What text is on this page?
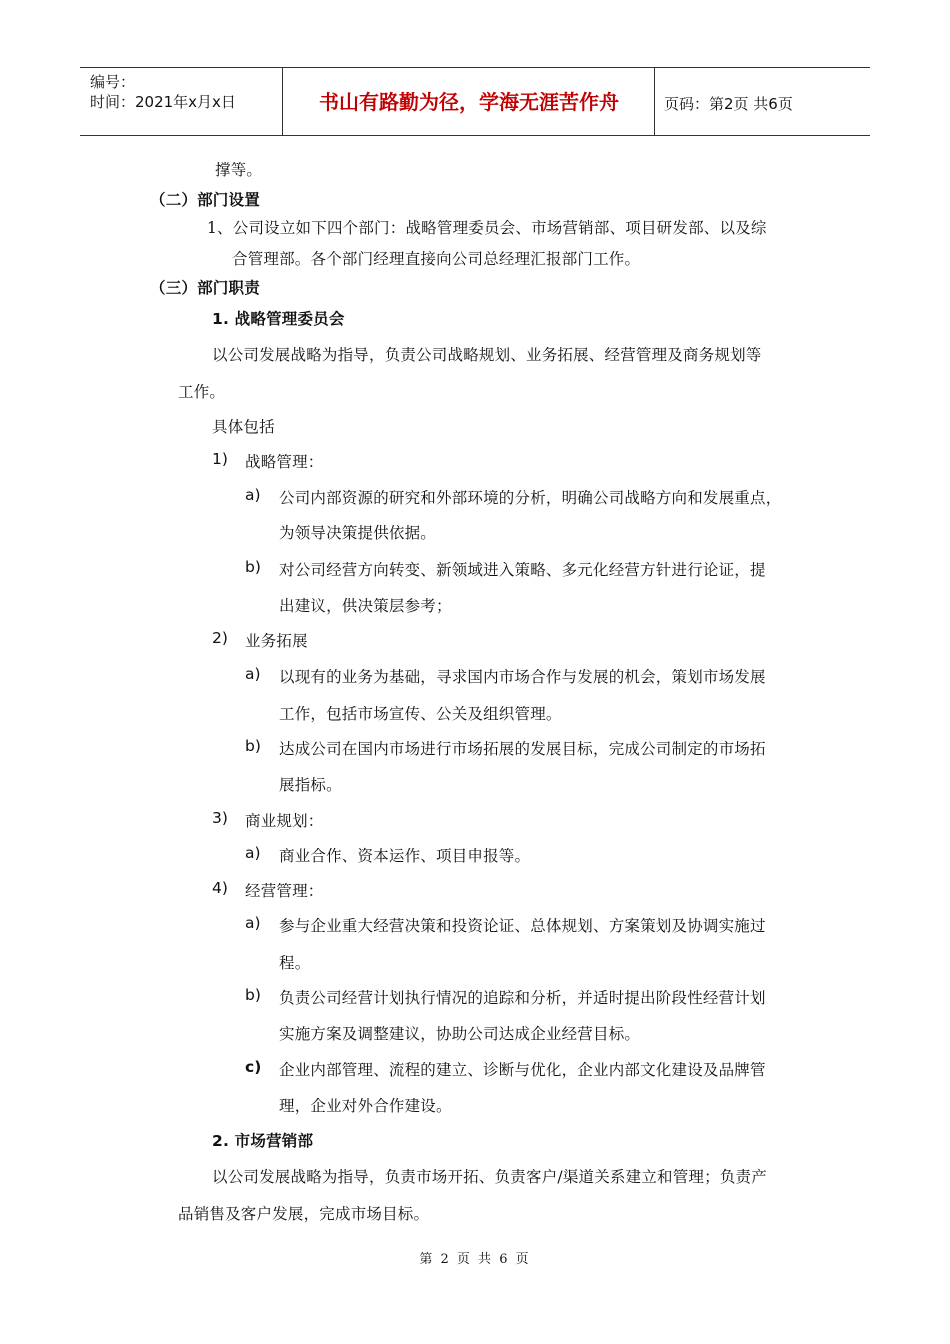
编号：
时间：2021年x月x日	书山有路勤为径，学海无涯苦作舟	页码：第2页 共6页
撑等。
（二）部门设置
1、公司设立如下四个部门：战略管理委员会、市场营销部、项目研发部、以及综
合管理部。各个部门经理直接向公司总经理汇报部门工作。
（三）部门职责
1. 战略管理委员会
以公司发展战略为指导，负责公司战略规划、业务拓展、经营管理及商务规划等
工作。
具体包括
1) 战略管理：
a) 公司内部资源的研究和外部环境的分析，明确公司战略方向和发展重点，
为领导决策提供依据。
b) 对公司经营方向转变、新领域进入策略、多元化经营方针进行论证，提
出建议，供决策层参考；
2) 业务拓展
a) 以现有的业务为基础，寻求国内市场合作与发展的机会，策划市场发展
工作，包括市场宣传、公关及组织管理。
b) 达成公司在国内市场进行市场拓展的发展目标，完成公司制定的市场拓
展指标。
3) 商业规划：
a) 商业合作、资本运作、项目申报等。
4) 经营管理：
a) 参与企业重大经营决策和投资论证、总体规划、方案策划及协调实施过
程。
b) 负责公司经营计划执行情况的追踪和分析，并适时提出阶段性经营计划
实施方案及调整建议，协助公司达成企业经营目标。
c) 企业内部管理、流程的建立、诊断与优化，企业内部文化建设及品牌管
理，企业对外合作建设。
2. 市场营销部
以公司发展战略为指导，负责市场开拓、负责客户/渠道关系建立和管理；负责产
品销售及客户发展，完成市场目标。
第 2 页 共 6 页
